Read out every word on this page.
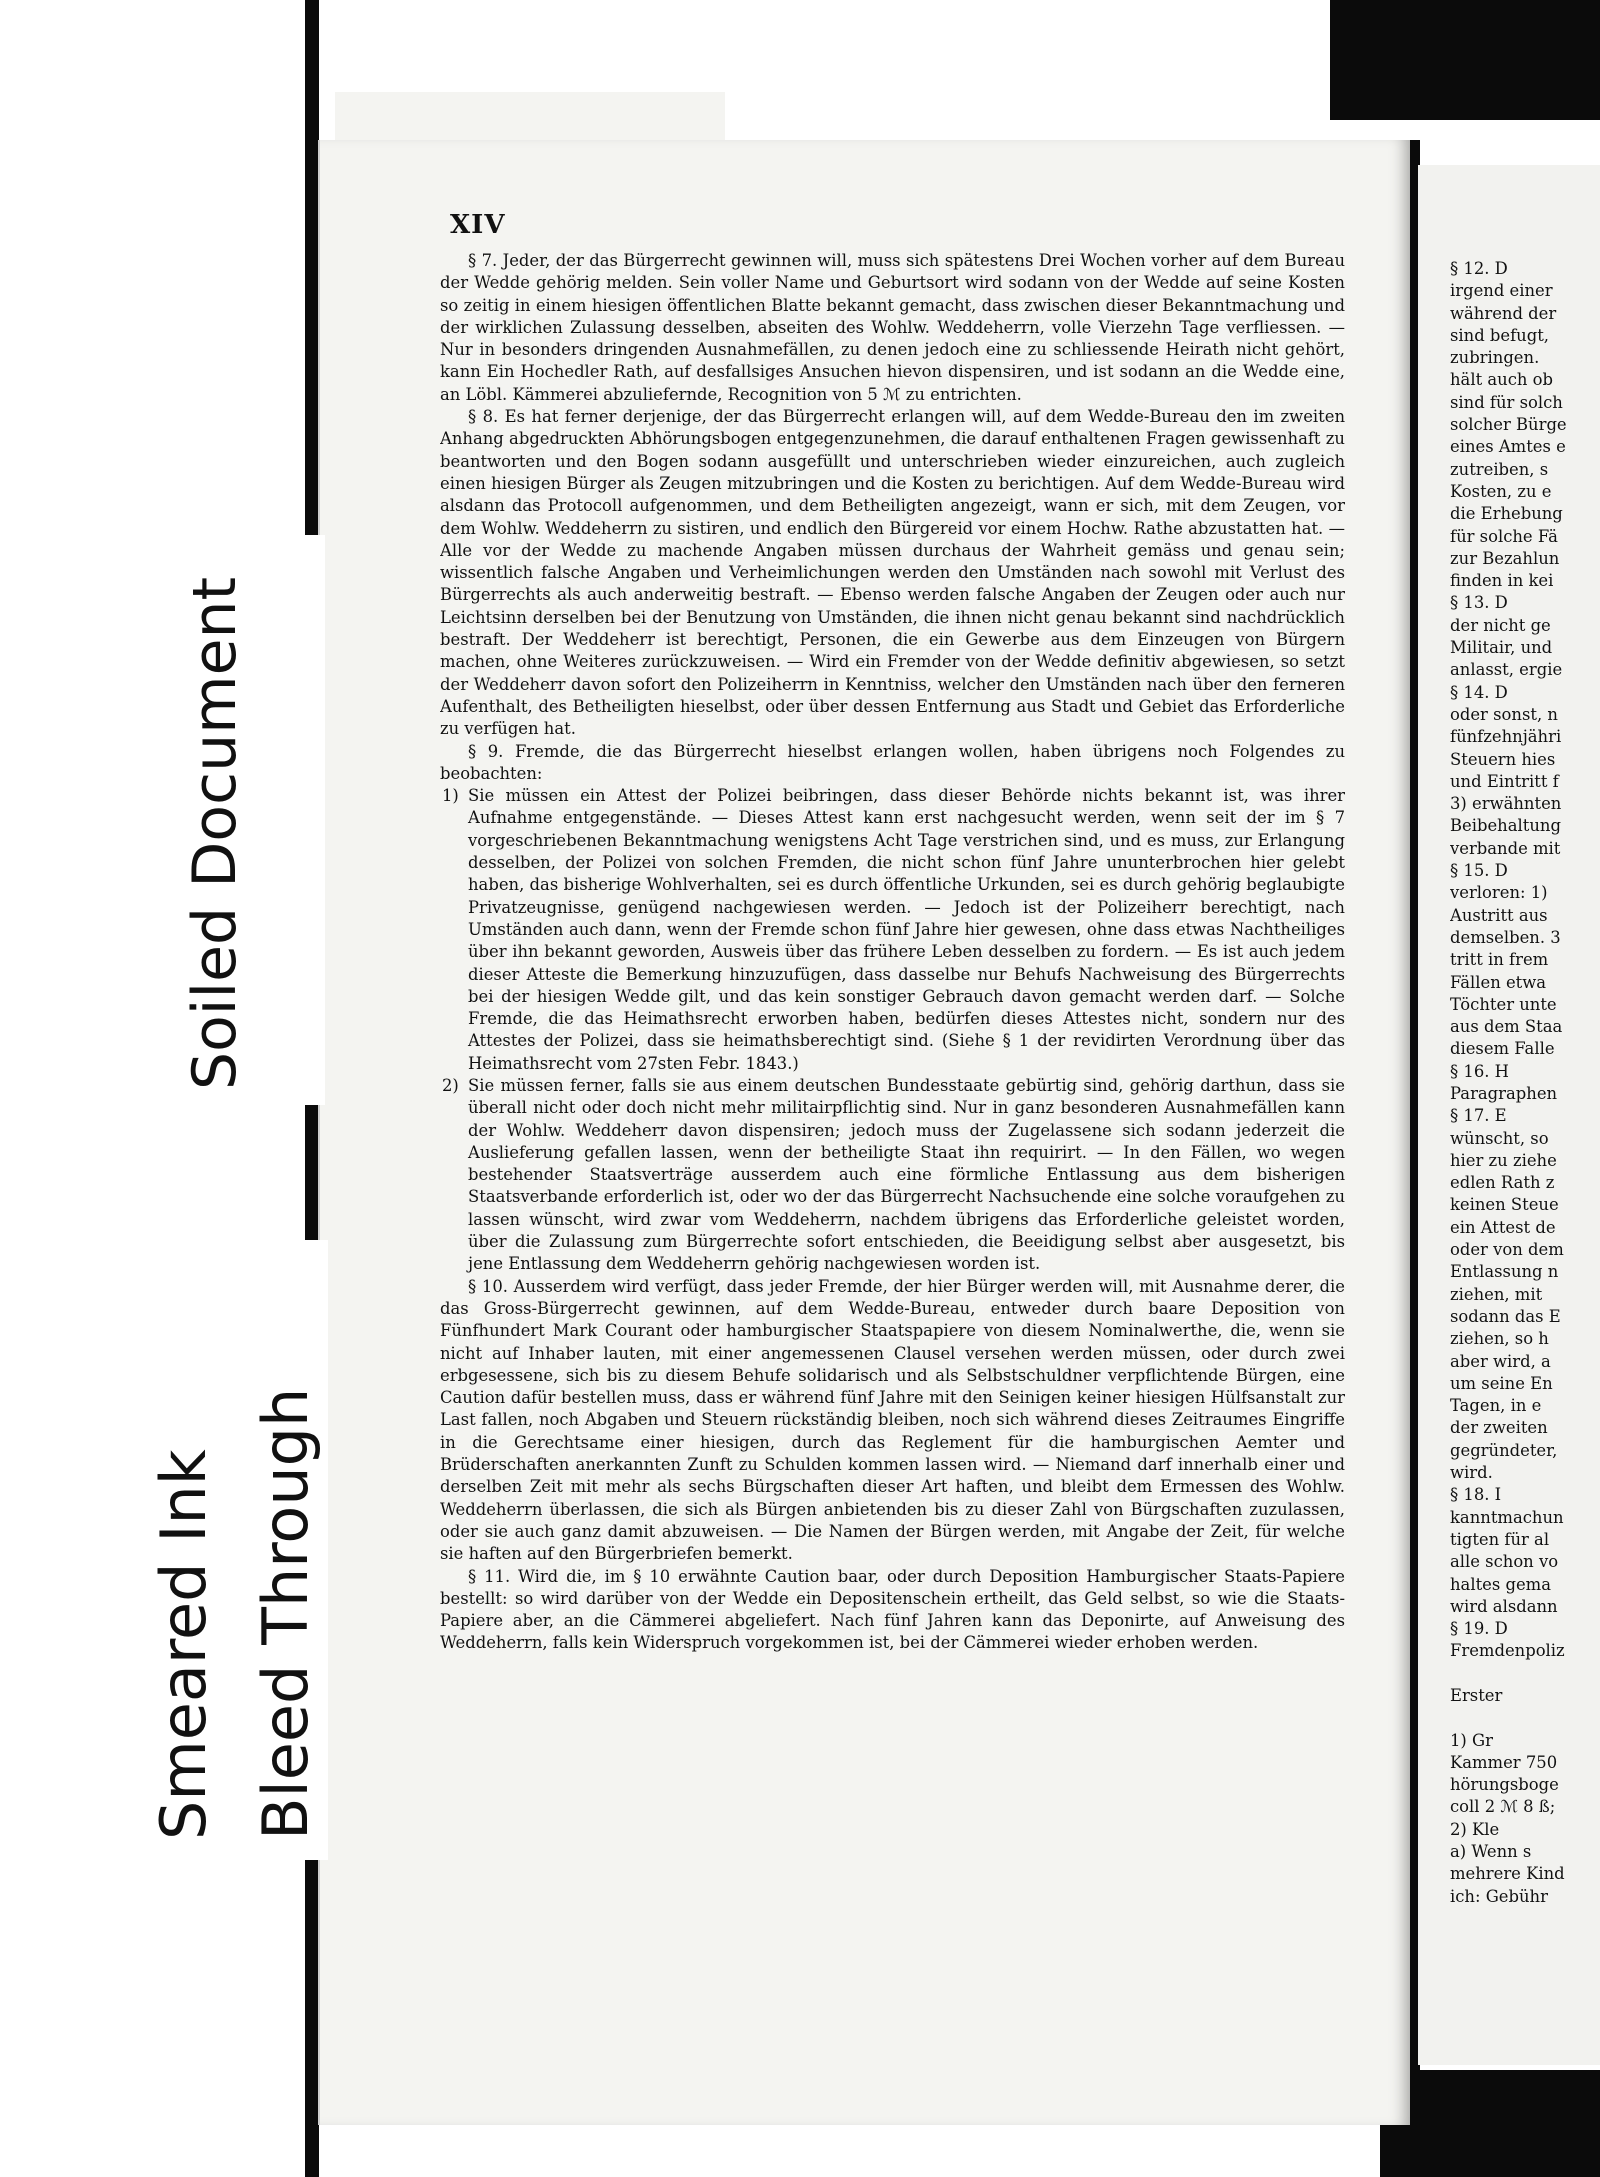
XIV

§ 7. Jeder, der das Bürgerrecht gewinnen will, muss sich spätestens Drei Wochen vorher auf dem Bureau der Wedde gehörig melden. Sein voller Name und Geburtsort wird sodann von der Wedde auf seine Kosten so zeitig in einem hiesigen öffentlichen Blatte bekannt gemacht, dass zwischen dieser Bekanntmachung und der wirklichen Zulassung desselben, abseiten des Wohlw. Weddeherrn, volle Vierzehn Tage verfliessen. — Nur in besonders dringenden Ausnahmefällen, zu denen jedoch eine zu schliessende Heirath nicht gehört, kann Ein Hochedler Rath, auf desfallsiges Ansuchen hievon dispensiren, und ist sodann an die Wedde eine, an Löbl. Kämmerei abzuliefernde, Recognition von 5 ℳ zu entrichten.

§ 8. Es hat ferner derjenige, der das Bürgerrecht erlangen will, auf dem Wedde-Bureau den im zweiten Anhang abgedruckten Abhörungsbogen entgegenzunehmen, die darauf enthaltenen Fragen gewissenhaft zu beantworten und den Bogen sodann ausgefüllt und unterschrieben wieder einzureichen, auch zugleich einen hiesigen Bürger als Zeugen mitzubringen und die Kosten zu berichtigen. Auf dem Wedde-Bureau wird alsdann das Protocoll aufgenommen, und dem Betheiligten angezeigt, wann er sich, mit dem Zeugen, vor dem Wohlw. Weddeherrn zu sistiren, und endlich den Bürgereid vor einem Hochw. Rathe abzustatten hat. — Alle vor der Wedde zu machende Angaben müssen durchaus der Wahrheit gemäss und genau sein; wissentlich falsche Angaben und Verheimlichungen werden den Umständen nach sowohl mit Verlust des Bürgerrechts als auch anderweitig bestraft. — Ebenso werden falsche Angaben der Zeugen oder auch nur Leichtsinn derselben bei der Benutzung von Umständen, die ihnen nicht genau bekannt sind nachdrücklich bestraft. Der Weddeherr ist berechtigt, Personen, die ein Gewerbe aus dem Einzeugen von Bürgern machen, ohne Weiteres zurückzuweisen. — Wird ein Fremder von der Wedde definitiv abgewiesen, so setzt der Weddeherr davon sofort den Polizeiherrn in Kenntniss, welcher den Umständen nach über den ferneren Aufenthalt, des Betheiligten hieselbst, oder über dessen Entfernung aus Stadt und Gebiet das Erforderliche zu verfügen hat.

§ 9. Fremde, die das Bürgerrecht hieselbst erlangen wollen, haben übrigens noch Folgendes zu beobachten:

1) Sie müssen ein Attest der Polizei beibringen, dass dieser Behörde nichts bekannt ist, was ihrer Aufnahme entgegenstände. — Dieses Attest kann erst nachgesucht werden, wenn seit der im § 7 vorgeschriebenen Bekanntmachung wenigstens Acht Tage verstrichen sind, und es muss, zur Erlangung desselben, der Polizei von solchen Fremden, die nicht schon fünf Jahre ununterbrochen hier gelebt haben, das bisherige Wohlverhalten, sei es durch öffentliche Urkunden, sei es durch gehörig beglaubigte Privatzeugnisse, genügend nachgewiesen werden. — Jedoch ist der Polizeiherr berechtigt, nach Umständen auch dann, wenn der Fremde schon fünf Jahre hier gewesen, ohne dass etwas Nachtheiliges über ihn bekannt geworden, Ausweis über das frühere Leben desselben zu fordern. — Es ist auch jedem dieser Atteste die Bemerkung hinzuzufügen, dass dasselbe nur Behufs Nachweisung des Bürgerrechts bei der hiesigen Wedde gilt, und das kein sonstiger Gebrauch davon gemacht werden darf. — Solche Fremde, die das Heimathsrecht erworben haben, bedürfen dieses Attestes nicht, sondern nur des Attestes der Polizei, dass sie heimathsberechtigt sind. (Siehe § 1 der revidirten Verordnung über das Heimathsrecht vom 27sten Febr. 1843.)

2) Sie müssen ferner, falls sie aus einem deutschen Bundesstaate gebürtig sind, gehörig darthun, dass sie überall nicht oder doch nicht mehr militairpflichtig sind. Nur in ganz besonderen Ausnahmefällen kann der Wohlw. Weddeherr davon dispensiren; jedoch muss der Zugelassene sich sodann jederzeit die Auslieferung gefallen lassen, wenn der betheiligte Staat ihn requirirt. — In den Fällen, wo wegen bestehender Staatsverträge ausserdem auch eine förmliche Entlassung aus dem bisherigen Staatsverbande erforderlich ist, oder wo der das Bürgerrecht Nachsuchende eine solche voraufgehen zu lassen wünscht, wird zwar vom Weddeherrn, nachdem übrigens das Erforderliche geleistet worden, über die Zulassung zum Bürgerrechte sofort entschieden, die Beeidigung selbst aber ausgesetzt, bis jene Entlassung dem Weddeherrn gehörig nachgewiesen worden ist.

§ 10. Ausserdem wird verfügt, dass jeder Fremde, der hier Bürger werden will, mit Ausnahme derer, die das Gross-Bürgerrecht gewinnen, auf dem Wedde-Bureau, entweder durch baare Deposition von Fünfhundert Mark Courant oder hamburgischer Staatspapiere von diesem Nominalwerthe, die, wenn sie nicht auf Inhaber lauten, mit einer angemessenen Clausel versehen werden müssen, oder durch zwei erbgesessene, sich bis zu diesem Behufe solidarisch und als Selbstschuldner verpflichtende Bürgen, eine Caution dafür bestellen muss, dass er während fünf Jahre mit den Seinigen keiner hiesigen Hülfsanstalt zur Last fallen, noch Abgaben und Steuern rückständig bleiben, noch sich während dieses Zeitraumes Eingriffe in die Gerechtsame einer hiesigen, durch das Reglement für die hamburgischen Aemter und Brüderschaften anerkannten Zunft zu Schulden kommen lassen wird. — Niemand darf innerhalb einer und derselben Zeit mit mehr als sechs Bürgschaften dieser Art haften, und bleibt dem Ermessen des Wohlw. Weddeherrn überlassen, die sich als Bürgen anbietenden bis zu dieser Zahl von Bürgschaften zuzulassen, oder sie auch ganz damit abzuweisen. — Die Namen der Bürgen werden, mit Angabe der Zeit, für welche sie haften auf den Bürgerbriefen bemerkt.

§ 11. Wird die, im § 10 erwähnte Caution baar, oder durch Deposition Hamburgischer Staats-Papiere bestellt: so wird darüber von der Wedde ein Depositenschein ertheilt, das Geld selbst, so wie die Staats-Papiere aber, an die Cämmerei abgeliefert. Nach fünf Jahren kann das Deponirte, auf Anweisung des Weddeherrn, falls kein Widerspruch vorgekommen ist, bei der Cämmerei wieder erhoben werden.

§ 12. D
irgend einer
während der
sind befugt,
zubringen.
hält auch ob
sind für solch
solcher Bürge
eines Amtes e
zutreiben, s
Kosten, zu e
die Erhebung
für solche Fä
zur Bezahlun
finden in kei
§ 13. D
der nicht ge
Militair, und
anlasst, ergie
§ 14. D
oder sonst, n
fünfzehnjähri
Steuern hies
und Eintritt f
3) erwähnten
Beibehaltung
verbande mit
§ 15. D
verloren: 1)
Austritt aus
demselben. 3
tritt in frem
Fällen etwa
Töchter unte
aus dem Staa
diesem Falle
§ 16. H
Paragraphen
§ 17. E
wünscht, so
hier zu ziehe
edlen Rath z
keinen Steue
ein Attest de
oder von dem
Entlassung n
ziehen, mit
sodann das E
ziehen, so h
aber wird, a
um seine En
Tagen, in e
der zweiten
gegründeter,
wird.
§ 18. I
kanntmachun
tigten für al
alle schon vo
haltes gema
wird alsdann
§ 19. D
Fremdenpoliz
Erster
1) Gr
Kammer 750
hörungsboge
coll 2 ℳ 8 ß;
2) Kle
a) Wenn s
mehrere Kind
ich: Gebühr
Soiled Document
Smeared Ink Bleed Through
